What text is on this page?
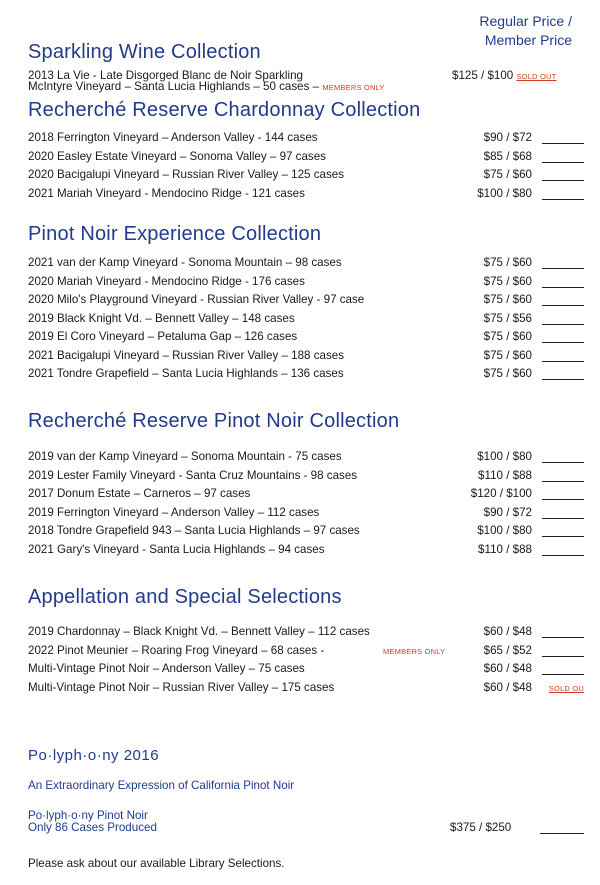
Regular Price /
Member Price
Sparkling Wine Collection
2013 La Vie - Late Disgorged Blanc de Noir Sparkling
McIntyre Vineyard – Santa Lucia Highlands – 50 cases – MEMBERS ONLY
$125 / $100 SOLD OUT
Recherché Reserve Chardonnay Collection
2018 Ferrington Vineyard – Anderson Valley - 144 cases	$90 / $72
2020 Easley Estate Vineyard – Sonoma Valley – 97 cases	$85 / $68
2020 Bacigalupi Vineyard – Russian River Valley – 125 cases	$75 / $60
2021 Mariah Vineyard - Mendocino Ridge - 121 cases	$100 / $80
Pinot Noir Experience Collection
2021 van der Kamp Vineyard - Sonoma Mountain – 98 cases	$75 / $60
2020 Mariah Vineyard - Mendocino Ridge - 176 cases	$75 / $60
2020 Milo's Playground Vineyard - Russian River Valley - 97 case	$75 / $60
2019 Black Knight Vd. – Bennett Valley – 148 cases	$75 / $56
2019 El Coro Vineyard – Petaluma Gap – 126 cases	$75 / $60
2021 Bacigalupi Vineyard – Russian River Valley – 188 cases	$75 / $60
2021 Tondre Grapefield – Santa Lucia Highlands – 136 cases	$75 / $60
Recherché Reserve Pinot Noir Collection
2019 van der Kamp Vineyard – Sonoma Mountain - 75 cases	$100 / $80
2019 Lester Family Vineyard - Santa Cruz Mountains - 98 cases	$110 / $88
2017 Donum Estate – Carneros – 97 cases	$120 / $100
2019 Ferrington Vineyard – Anderson Valley – 112 cases	$90 / $72
2018 Tondre Grapefield 943 – Santa Lucia Highlands – 97 cases	$100 / $80
2021 Gary's Vineyard - Santa Lucia Highlands – 94 cases	$110 / $88
Appellation and Special Selections
2019 Chardonnay – Black Knight Vd. – Bennett Valley – 112 cases	$60 / $48
2022 Pinot Meunier – Roaring Frog Vineyard – 68 cases -	MEMBERS ONLY	$65 / $52
Multi-Vintage Pinot Noir – Anderson Valley – 75 cases	$60 / $48
Multi-Vintage Pinot Noir – Russian River Valley – 175 cases	$60 / $48 SOLD OU
Po·lyph·o·ny 2016
An Extraordinary Expression of California Pinot Noir
Po·lyph·o·ny Pinot Noir
Only 86 Cases Produced	$375 / $250
Please ask about our available Library Selections.
